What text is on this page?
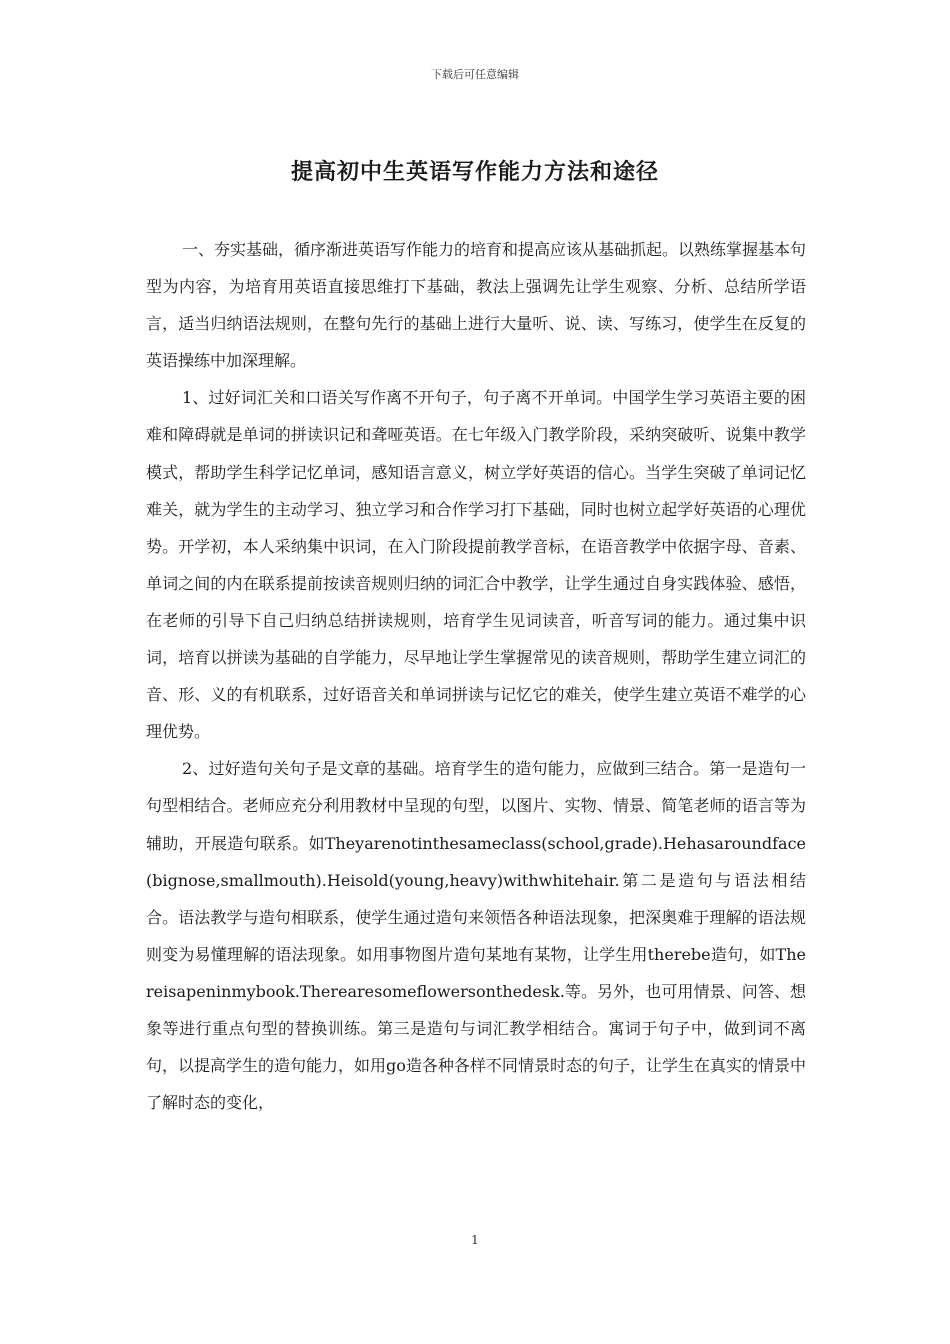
下载后可任意编辑
提高初中生英语写作能力方法和途径

一、夯实基础，循序渐进英语写作能力的培育和提高应该从基础抓起。以熟练掌握基本句型为内容，为培育用英语直接思维打下基础，教法上强调先让学生观察、分析、总结所学语言，适当归纳语法规则，在整句先行的基础上进行大量听、说、读、写练习，使学生在反复的英语操练中加深理解。

1、过好词汇关和口语关写作离不开句子，句子离不开单词。中国学生学习英语主要的困难和障碍就是单词的拼读识记和聋哑英语。在七年级入门教学阶段，采纳突破听、说集中教学模式，帮助学生科学记忆单词，感知语言意义，树立学好英语的信心。当学生突破了单词记忆难关，就为学生的主动学习、独立学习和合作学习打下基础，同时也树立起学好英语的心理优势。开学初，本人采纳集中识词，在入门阶段提前教学音标，在语音教学中依据字母、音素、单词之间的内在联系提前按读音规则归纳的词汇合中教学，让学生通过自身实践体验、感悟，在老师的引导下自己归纳总结拼读规则，培育学生见词读音，听音写词的能力。通过集中识词，培育以拼读为基础的自学能力，尽早地让学生掌握常见的读音规则，帮助学生建立词汇的音、形、义的有机联系，过好语音关和单词拼读与记忆它的难关，使学生建立英语不难学的心理优势。

2、过好造句关句子是文章的基础。培育学生的造句能力，应做到三结合。第一是造句一句型相结合。老师应充分利用教材中呈现的句型，以图片、实物、情景、简笔老师的语言等为辅助，开展造句联系。如Theyarenotinthesameclass(school,grade).Hehasaroundface(bignose,smallmouth).Heisold(young,heavy)withwhitehair.第二是造句与语法相结合。语法教学与造句相联系，使学生通过造句来领悟各种语法现象，把深奥难于理解的语法规则变为易懂理解的语法现象。如用事物图片造句某地有某物，让学生用therebe造句，如Thereisapeninmybook.Therearesomeflowersonthedesk.等。另外，也可用情景、问答、想象等进行重点句型的替换训练。第三是造句与词汇教学相结合。寓词于句子中，做到词不离句，以提高学生的造句能力，如用go造各种各样不同情景时态的句子，让学生在真实的情景中了解时态的变化，

1
